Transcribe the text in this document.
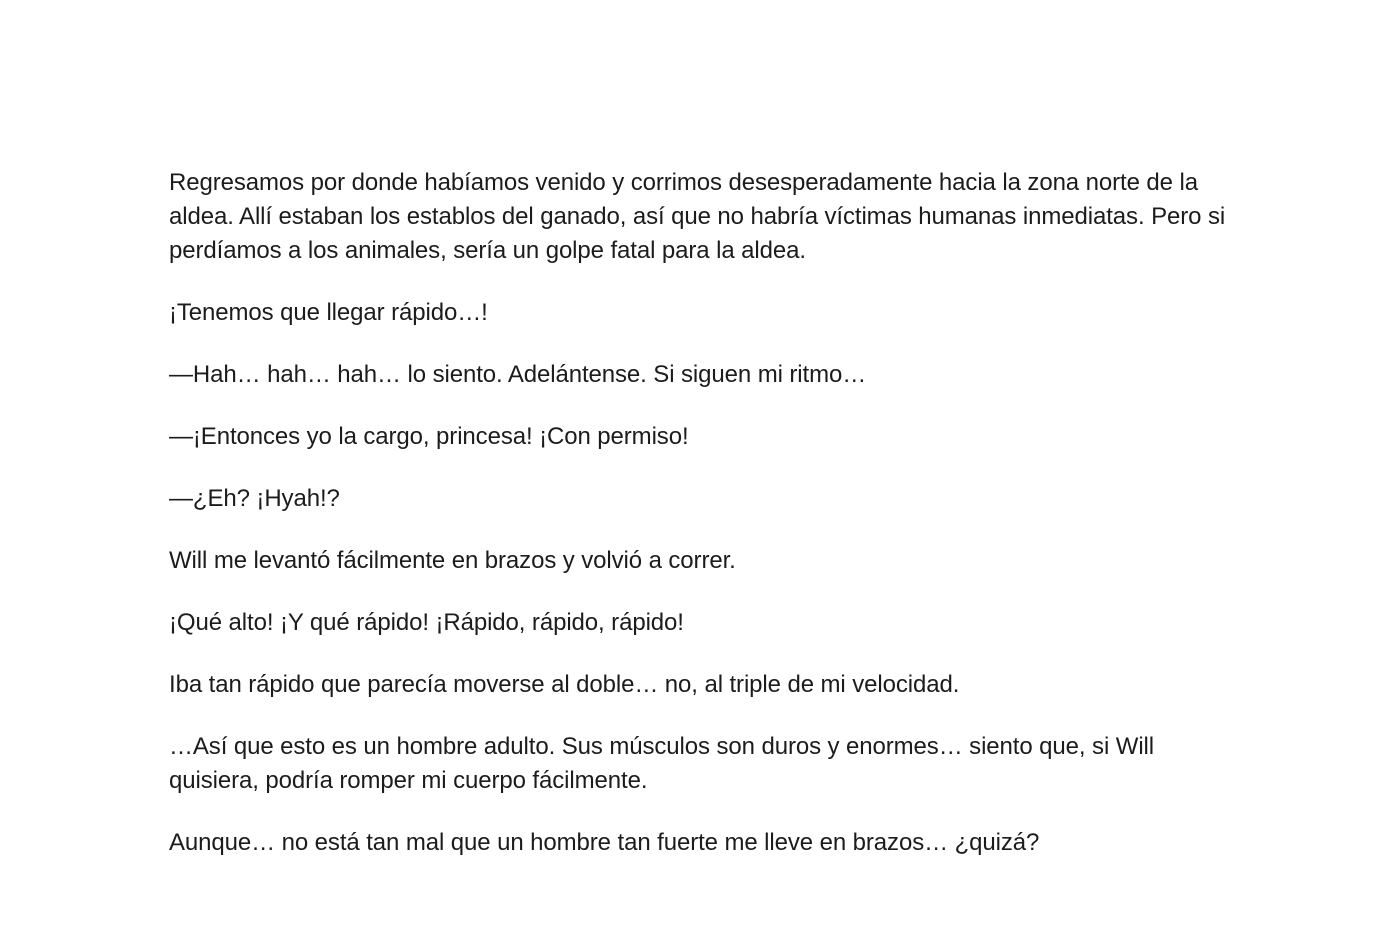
Regresamos por donde habíamos venido y corrimos desesperadamente hacia la zona norte de la aldea. Allí estaban los establos del ganado, así que no habría víctimas humanas inmediatas. Pero si perdíamos a los animales, sería un golpe fatal para la aldea.

¡Tenemos que llegar rápido…!

—Hah… hah… hah… lo siento. Adelántense. Si siguen mi ritmo…

—¡Entonces yo la cargo, princesa! ¡Con permiso!

—¿Eh? ¡Hyah!?

Will me levantó fácilmente en brazos y volvió a correr.

¡Qué alto! ¡Y qué rápido! ¡Rápido, rápido, rápido!

Iba tan rápido que parecía moverse al doble… no, al triple de mi velocidad.

…Así que esto es un hombre adulto. Sus músculos son duros y enormes… siento que, si Will quisiera, podría romper mi cuerpo fácilmente.

Aunque… no está tan mal que un hombre tan fuerte me lleve en brazos… ¿quizá?
